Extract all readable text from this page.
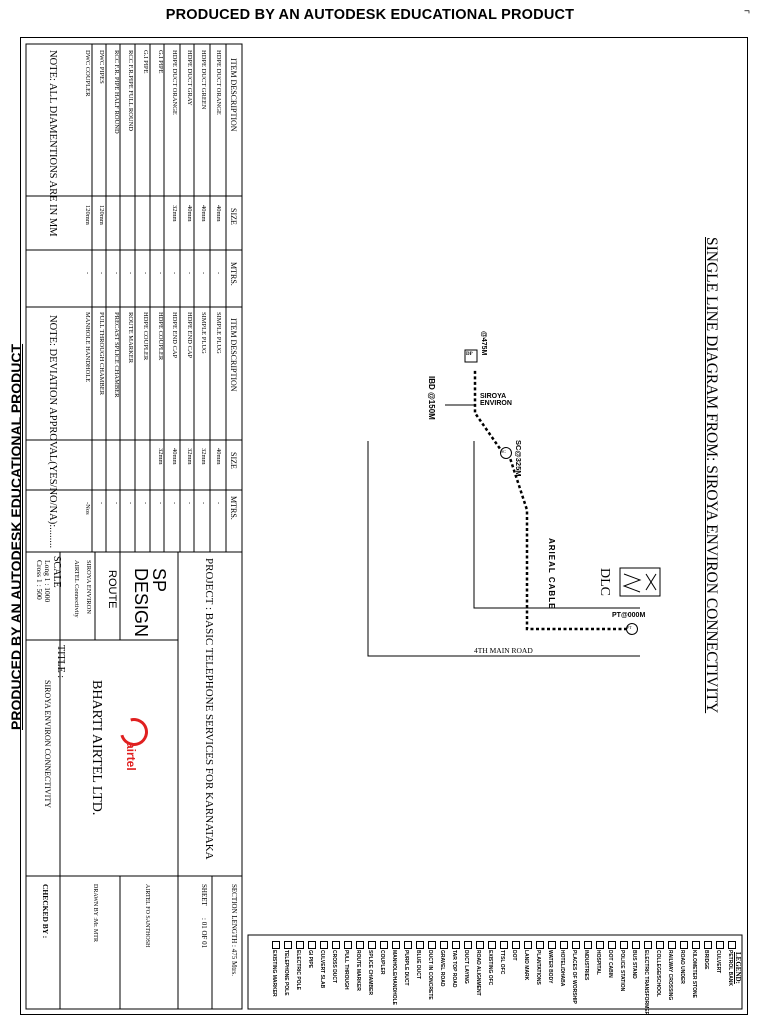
PRODUCED BY AN AUTODESK EDUCATIONAL PRODUCT	¬
SINGLE LINE DIAGRAM FROM: SIROYA ENVIRON CONNECTIVITY
4TH MAIN ROAD
DLC
PT@000M
ARIEAL CABLE
SC@325M
SIROYA ENVIRON
IBD @150M
@475M
ITEM DESCRIPTION
SIZE
MTRS.
HDPE DUCT ORANGE
40mm
-
HDPE DUCT GREEN
40mm
-
HDPE DUCT GRAY
40mm
-
HDPE DUCT ORANGE
32mm
-
G.I PIPE
-
G.I PIPE
-
RCC F.R.PIPE FULL ROUND
-
RCC F.R. PIPE HALF ROUND
-
DWC PIPES
120mm
-
DWC COUPLER
120mm
-
NOTE: ALL DIAMENTIONS ARE IN MM
ITEM DESCRIPTION
SIZE
MTRS.
SIMPLE PLUG
40mm
-
SIMPLE PLUG
32mm
-
HDPE END CAP
32mm
-
HDPE END CAP
40mm
-
HDPE COUPLER
32mm
-
HDPE COUPLER
-
ROUTE MARKER
-
PRECAST SPLICE CHAMBER
-
PULL THROUGH CHAMBER
-
MANHOLE HANDHOLE
-Nos
NOTE: DEVIATION APPROVAL(YES/NO/NA):........
PROJECT : BASIC TELEPHONE SERVICES FOR KARNATAKA
SECTION LENGTH : 475 Mtrs.
SHEET
: 01 OF 01
AIRTEL FO SANTHOSH
DRAWN BY :Mr. MTR
CHECKED BY :
SP
DESIGN
ROUTE
SIROYA ENVIRON
AIRTEL Connectivity
SCALE
Long 1 : 1000
Cross 1 : 500
TITLE :
SIROYA ENVIRON CONNECTIVITY	BHARTI AIRTEL LTD. airtel
PRODUCED BY AN AUTODESK EDUCATIONAL PRODUCT
LEGEND:
PETROL BANK
CULVERT
BRIDGE
KILOMETER STONE
ROAD UNDER
RAILWAY CROSSING
COLLEGE/SCHOOL
ELECTRIC TRANSFORMER
BUS STAND
POLICE STATION
DOT CABIN
HOSPITAL
INDUSTRIES
PLACES OF WORSHIP
HOTEL/DHABA
WATER BODY
PLANTATIONS
LAND MARK
DOT
TTSL OFC
EXISTING OFC
ROAD ALIGNMENT
DUCT LAYING
TAR TOP ROAD
GRAVEL ROAD
DUCT IN CONCRETE
BLUE DUCT
PURPLE DUCT
MANHOLE/HANDHOLE
COUPLER
SPLICE CHAMBER
ROUTE MARKER
PULL THROUGH
CROSS DUCT
CULVERT SLAB
GI PIPE
ELECTRIC POLE
TELEPHONE POLE
EXISTING MARKER
PT
SC
DP
